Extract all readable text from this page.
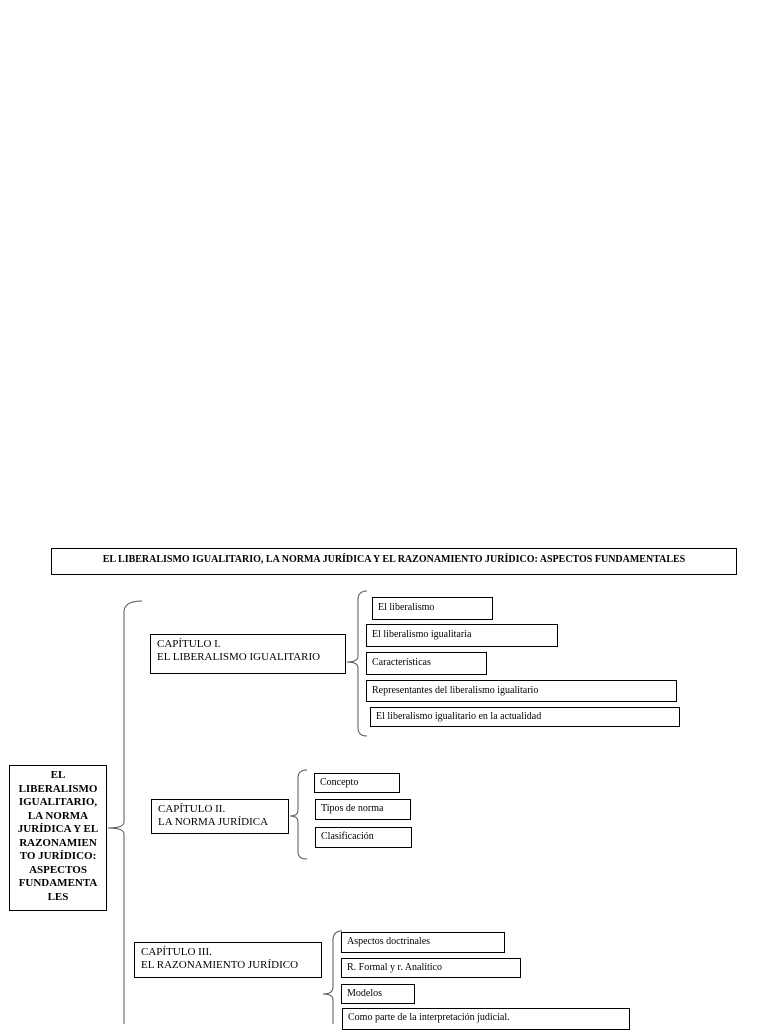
EL LIBERALISMO IGUALITARIO, LA NORMA JURÍDICA Y EL RAZONAMIENTO JURÍDICO: ASPECTOS FUNDAMENTALES
EL
LIBERALISMO
IGUALITARIO,
LA NORMA
JURÍDICA Y EL
RAZONAMIEN
TO JURÍDICO:
ASPECTOS
FUNDAMENTA
LES
CAPÍTULO I.
EL LIBERALISMO IGUALITARIO
El liberalismo
El liberalismo igualitaria
Características
Representantes del liberalismo igualitario
El liberalismo igualitario en la actualidad
CAPÍTULO II.
LA NORMA JURÍDICA
Concepto
Tipos de norma
Clasificación
CAPÍTULO III.
EL RAZONAMIENTO JURÍDICO
Aspectos doctrinales
R. Formal y r. Analítico
Modelos
Como parte de la interpretación judicial.
